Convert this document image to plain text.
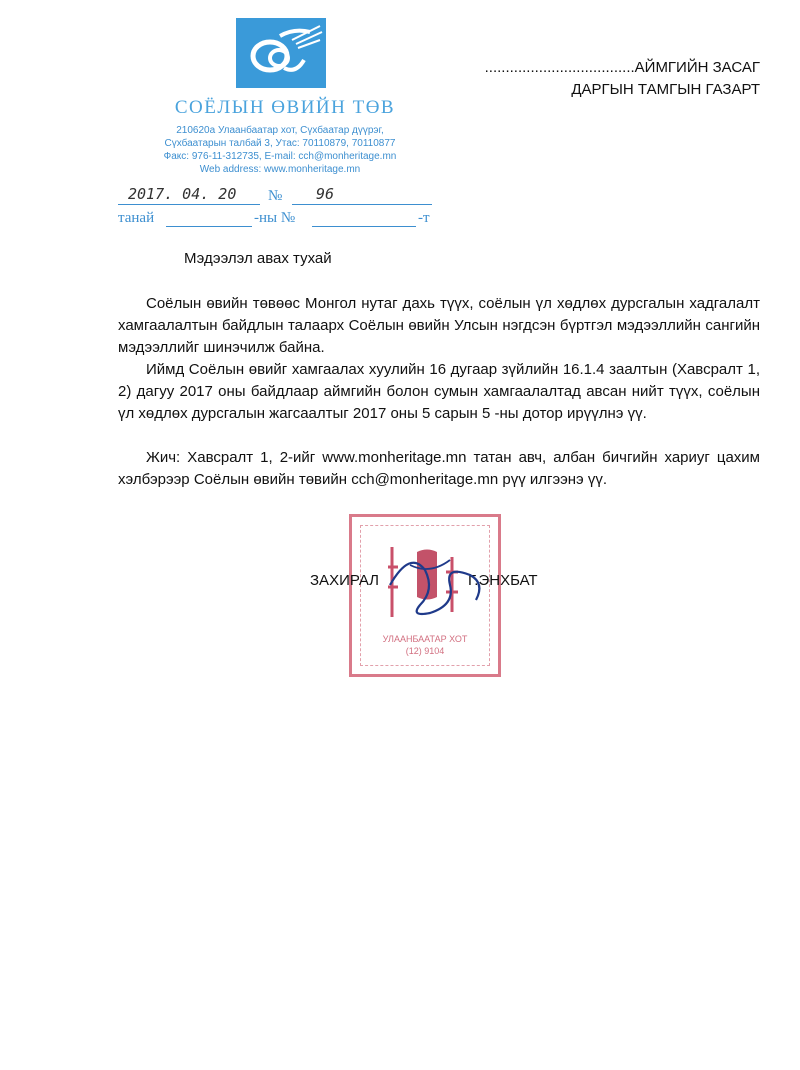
СОЁЛЫН ӨВИЙН ТӨВ
210620а Улаанбаатар хот, Сүхбаатар дүүрэг,
Сүхбаатарын талбай 3, Утас: 70110879, 70110877
Факс: 976-11-312735, E-mail: cch@monheritage.mn
Web address: www.monheritage.mn
2017. 04. 20 № 96
танай	-ны №	-т
....................................АЙМГИЙН ЗАСАГ
ДАРГЫН ТАМГЫН ГАЗАРТ
Мэдээлэл авах тухай

Соёлын өвийн төвөөс Монгол нутаг дахь түүх, соёлын үл хөдлөх дурсгалын хадгалалт хамгаалалтын байдлын талаарх Соёлын өвийн Улсын нэгдсэн бүртгэл мэдээллийн сангийн мэдээллийг шинэчилж байна.

Иймд Соёлын өвийг хамгаалах хуулийн 16 дугаар зүйлийн 16.1.4 заалтын (Хавсралт 1, 2) дагуу 2017 оны байдлаар аймгийн болон сумын хамгаалалтад авсан нийт түүх, соёлын үл хөдлөх дурсгалын жагсаалтыг 2017 оны 5 сарын 5 -ны дотор ирүүлнэ үү.

Жич: Хавсралт 1, 2-ийг www.monheritage.mn татан авч, албан бичгийн хариуг цахим хэлбэрээр Соёлын өвийн төвийн cch@monheritage.mn рүү илгээнэ үү.

УЛААНБААТАР ХОТ
(12) 9104
ЗАХИРАЛ	Г.ЭНХБАТ
